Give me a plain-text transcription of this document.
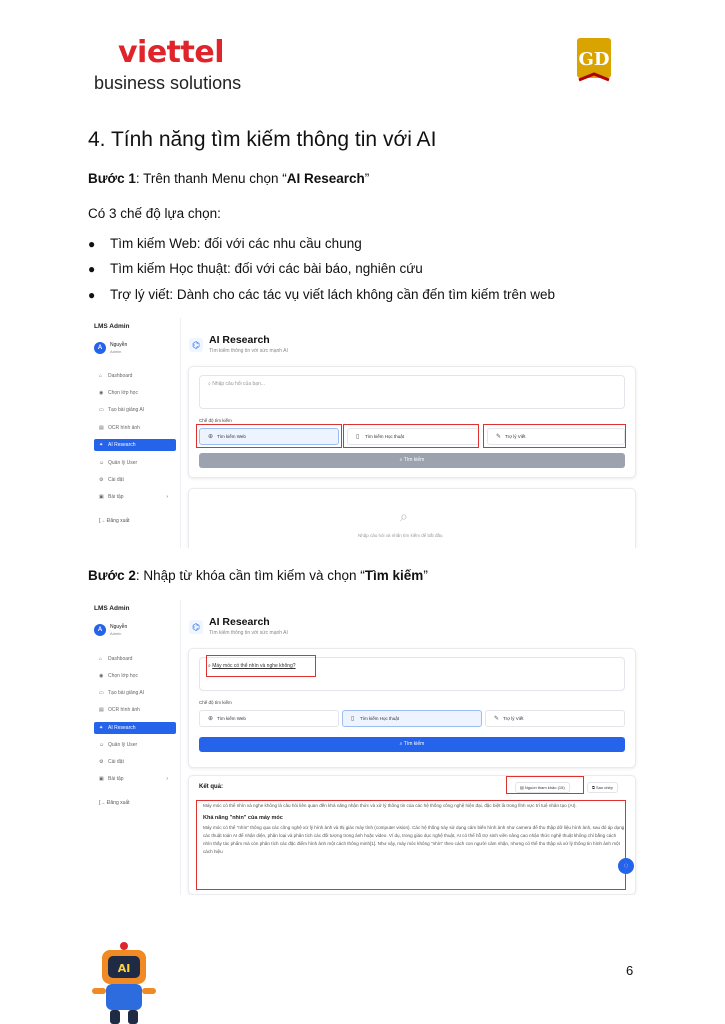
viettel
business solutions
GD
4. Tính năng tìm kiếm thông tin với AI
Bước 1: Trên thanh Menu chọn “AI Research”
Có 3 chế độ lựa chọn:
● Tìm kiếm Web: đối với các nhu cầu chung
● Tìm kiếm Học thuật: đối với các bài báo, nghiên cứu
● Trợ lý viết: Dành cho các tác vụ viết lách không cần đến tìm kiếm trên web
LMS Admin
A	Nguyễn
Admin
⌂ Dashboard
◉ Chọn lớp học
▭ Tạo bài giảng AI
▤ OCR hình ảnh
✦ AI Research
☺ Quản lý User
⚙ Cài đặt
▣ Bài tập	›
[→ Đăng xuất
⌬ AI Research
Tìm kiếm thông tin với sức mạnh AI
⌕ Nhập câu hỏi của bạn...
Chế độ tìm kiếm
⊕ Tìm kiếm Web	▯ Tìm kiếm Học thuật	✎ Trợ lý Viết
⌕ Tìm kiếm
⌕
Nhập câu hỏi và nhấn tìm kiếm để bắt đầu
Bước 2: Nhập từ khóa cần tìm kiếm và chọn “Tìm kiếm”
LMS Admin
A	Nguyễn
Admin
⌂ Dashboard
◉ Chọn lớp học
▭ Tạo bài giảng AI
▤ OCR hình ảnh
✦ AI Research
☺ Quản lý User
⚙ Cài đặt
▣ Bài tập	›
[→ Đăng xuất
⌬ AI Research
Tìm kiếm thông tin với sức mạnh AI
⌕ Máy móc có thể nhìn và nghe không?
Chế độ tìm kiếm
⊕ Tìm kiếm Web	▯ Tìm kiếm Học thuật	✎ Trợ lý Viết
⌕ Tìm kiếm
Kết quả:	▤ Nguồn tham khảo (15)	⧉ Sao chép
Máy móc có thể nhìn và nghe không là câu hỏi liên quan đến khả năng nhận thức và xử lý thông tin của các hệ thống công nghệ hiện đại, đặc biệt là trong lĩnh vực trí tuệ nhân tạo (AI).
Khả năng "nhìn" của máy móc
Máy móc có thể "nhìn" thông qua các công nghệ xử lý hình ảnh và thị giác máy tính (computer vision). Các hệ thống này sử dụng cảm biến hình ảnh như camera để thu thập dữ liệu hình ảnh, sau đó áp dụng các thuật toán AI để nhận diện, phân loại và phân tích các đối tượng trong ảnh hoặc video. Ví dụ, trong giáo dục nghệ thuật, AI có thể hỗ trợ sinh viên nâng cao nhận thức nghệ thuật không chỉ bằng cách nhìn thấy tác phẩm mà còn phân tích các đặc điểm hình ảnh một cách thông minh[1]. Như vậy, máy móc không "nhìn" theo cách con người cảm nhận, nhưng có thể thu thập và xử lý thông tin hình ảnh một cách hiệu
◌
6
AI
